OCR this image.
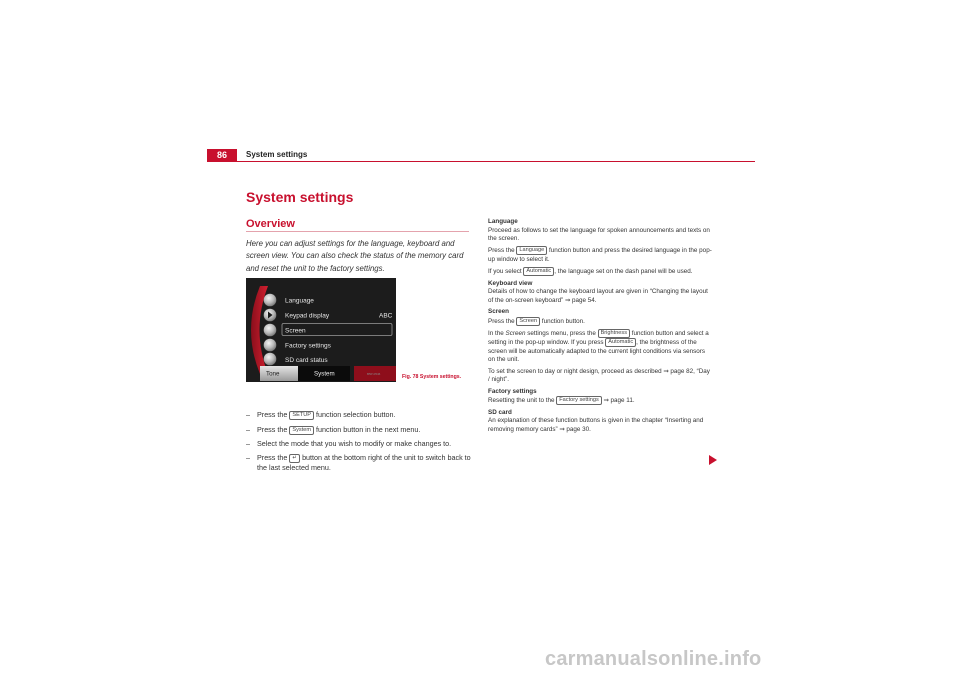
86	System settings
System settings
Overview
Here you can adjust settings for the language, keyboard and screen view. You can also check the status of the memory card and reset the unit to the factory settings.
Language
Keypad display	ABC
Screen
Factory settings
SD card status
Tone	System	B5P-0546	Fig. 78 System settings.
– Press the SETUP function selection button.
– Press the System function button in the next menu.
– Select the mode that you wish to modify or make changes to.
– Press the ↵ button at the bottom right of the unit to switch back to the last selected menu.

Language

Proceed as follows to set the language for spoken announcements and texts on the screen.

Press the Language function button and press the desired language in the pop-up window to select it.

If you select Automatic , the language set on the dash panel will be used.

Keyboard view

Details of how to change the keyboard layout are given in “Changing the layout of the on-screen keyboard” ⇒ page 54.

Screen

Press the Screen function button.

In the Screen settings menu, press the Brightness function button and select a setting in the pop-up window. If you press Automatic , the brightness of the screen will be automatically adapted to the current light conditions via sensors on the unit.

To set the screen to day or night design, proceed as described ⇒ page 82, “Day / night”.

Factory settings

Resetting the unit to the Factory settings ⇒ page 11.

SD card

An explanation of these function buttons is given in the chapter “Inserting and removing memory cards” ⇒ page 30.

carmanualsonline.info
